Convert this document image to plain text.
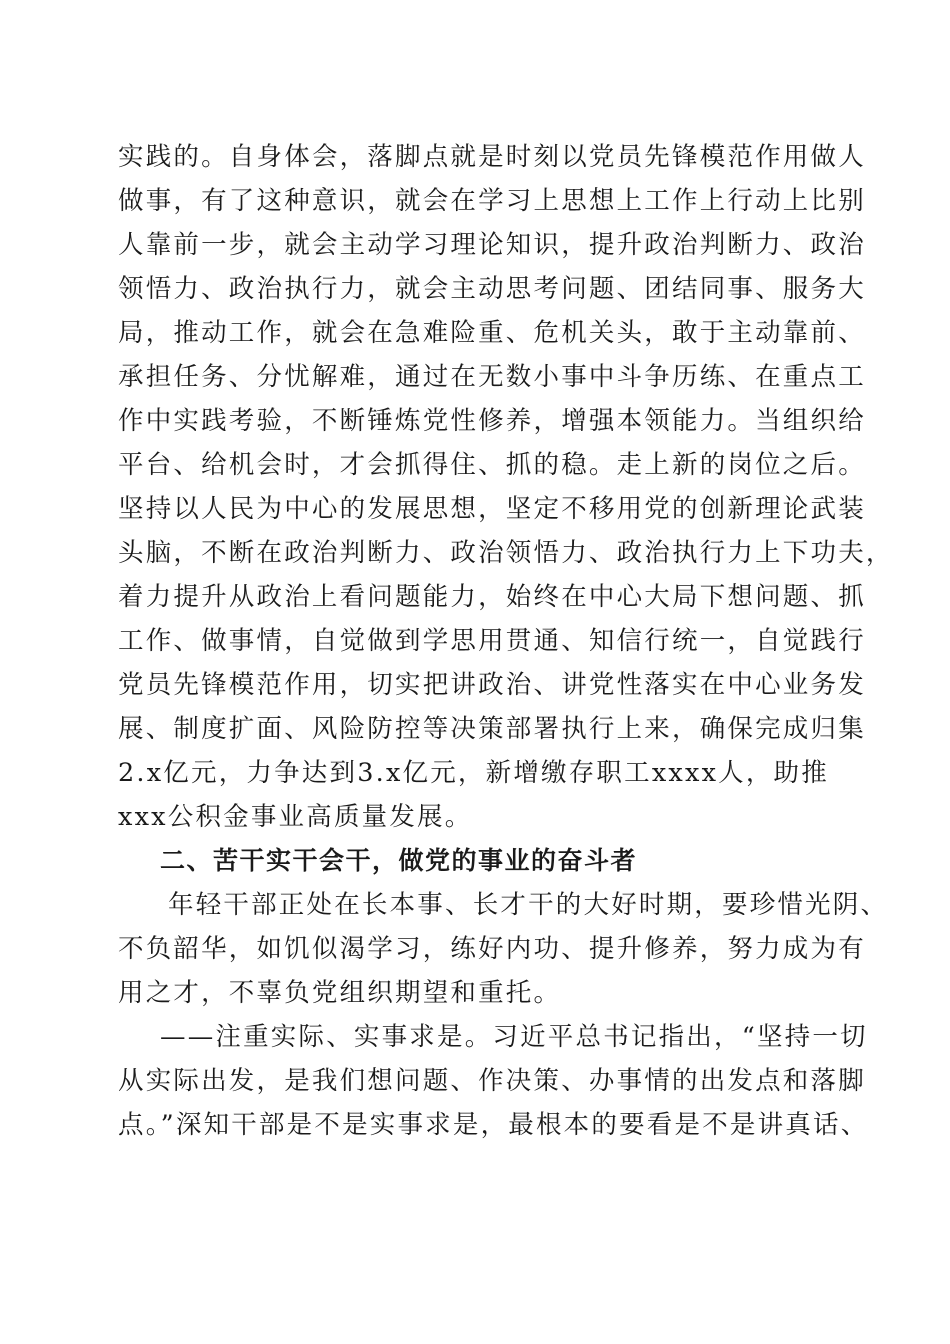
实践的。自身体会，落脚点就是时刻以党员先锋模范作用做人
做事，有了这种意识，就会在学习上思想上工作上行动上比别
人靠前一步，就会主动学习理论知识，提升政治判断力、政治
领悟力、政治执行力，就会主动思考问题、团结同事、服务大
局，推动工作，就会在急难险重、危机关头，敢于主动靠前、
承担任务、分忧解难，通过在无数小事中斗争历练、在重点工
作中实践考验，不断锤炼党性修养，增强本领能力。当组织给
平台、给机会时，才会抓得住、抓的稳。走上新的岗位之后。
坚持以人民为中心的发展思想，坚定不移用党的创新理论武装
头脑，不断在政治判断力、政治领悟力、政治执行力上下功夫，
着力提升从政治上看问题能力，始终在中心大局下想问题、抓
工作、做事情，自觉做到学思用贯通、知信行统一，自觉践行
党员先锋模范作用，切实把讲政治、讲党性落实在中心业务发
展、制度扩面、风险防控等决策部署执行上来，确保完成归集
2.x亿元，力争达到3.x亿元，新增缴存职工xxxx人，助推
xxx公积金事业高质量发展。
二、苦干实干会干，做党的事业的奋斗者
年轻干部正处在长本事、长才干的大好时期，要珍惜光阴、
不负韶华，如饥似渴学习，练好内功、提升修养，努力成为有
用之才，不辜负党组织期望和重托。
——注重实际、实事求是。习近平总书记指出，“坚持一切
从实际出发，是我们想问题、作决策、办事情的出发点和落脚
点。”深知干部是不是实事求是，最根本的要看是不是讲真话、
